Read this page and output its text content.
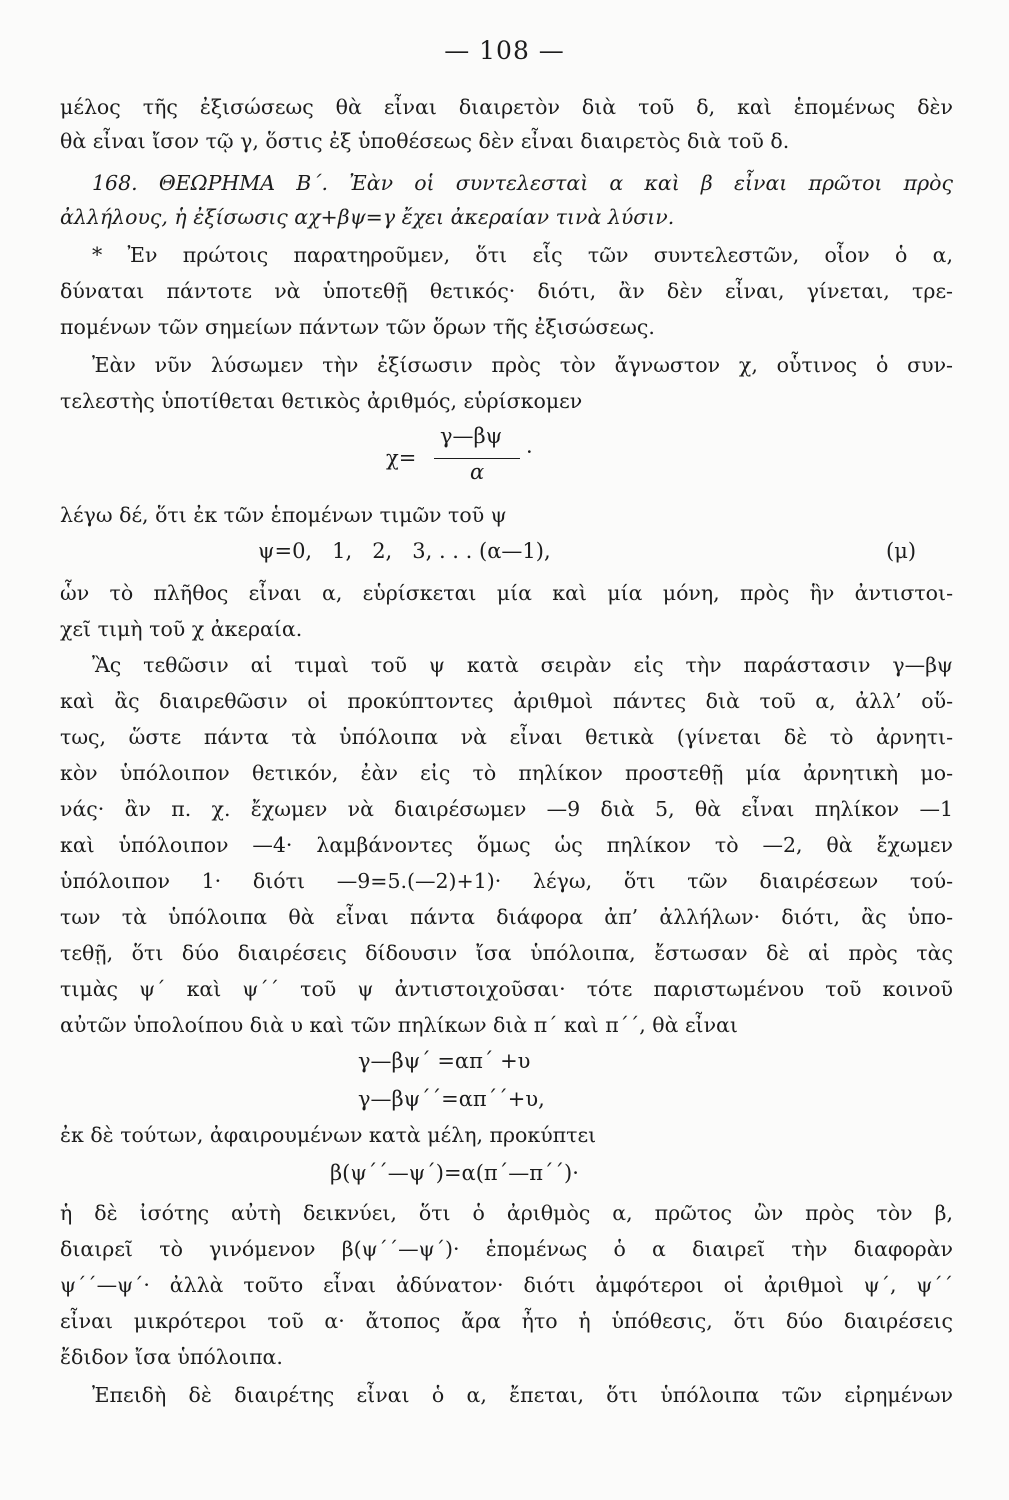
— 108 —
μέλος τῆς ἐξισώσεως θὰ εἶναι διαιρετὸν διὰ τοῦ δ, καὶ ἑπομένως δὲν
θὰ εἶναι ἴσον τῷ γ, ὅστις ἐξ ὑποθέσεως δὲν εἶναι διαιρετὸς διὰ τοῦ δ.
168. ΘΕΩΡΗΜΑ Β΄. Ἐὰν οἱ συντελεσταὶ α καὶ β εἶναι πρῶτοι πρὸς
ἀλλήλους, ἡ ἐξίσωσις αχ+βψ=γ ἔχει ἀκεραίαν τινὰ λύσιν.
* Ἐν πρώτοις παρατηροῦμεν, ὅτι εἷς τῶν συντελεστῶν, οἷον ὁ α,
δύναται πάντοτε νὰ ὑποτεθῇ θετικός· διότι, ἂν δὲν εἶναι, γίνεται, τρε-
πομένων τῶν σημείων πάντων τῶν ὅρων τῆς ἐξισώσεως.
Ἐὰν νῦν λύσωμεν τὴν ἐξίσωσιν πρὸς τὸν ἄγνωστον χ, οὗτινος ὁ συν-
τελεστὴς ὑποτίθεται θετικὸς ἀριθμός, εὑρίσκομεν
χ=
γ—βψ
α
·
λέγω δέ, ὅτι ἐκ τῶν ἑπομένων τιμῶν τοῦ ψ
ψ=0,   1,   2,   3, . . . (α—1),	(μ)
ὧν τὸ πλῆθος εἶναι α, εὑρίσκεται μία καὶ μία μόνη, πρὸς ἣν ἀντιστοι-
χεῖ τιμὴ τοῦ χ ἀκεραία.
Ἂς τεθῶσιν αἱ τιμαὶ τοῦ ψ κατὰ σειρὰν εἰς τὴν παράστασιν γ—βψ
καὶ ἂς διαιρεθῶσιν οἱ προκύπτοντες ἀριθμοὶ πάντες διὰ τοῦ α, ἀλλ’ οὕ-
τως, ὥστε πάντα τὰ ὑπόλοιπα νὰ εἶναι θετικὰ (γίνεται δὲ τὸ ἀρνητι-
κὸν ὑπόλοιπον θετικόν, ἐὰν εἰς τὸ πηλίκον προστεθῇ μία ἀρνητικὴ μο-
νάς· ἂν π. χ. ἔχωμεν νὰ διαιρέσωμεν —9 διὰ 5, θὰ εἶναι πηλίκον —1
καὶ ὑπόλοιπον —4· λαμβάνοντες ὅμως ὡς πηλίκον τὸ —2, θὰ ἔχωμεν
ὑπόλοιπον 1· διότι —9=5.(—2)+1)· λέγω, ὅτι τῶν διαιρέσεων τού-
των τὰ ὑπόλοιπα θὰ εἶναι πάντα διάφορα ἀπ’ ἀλλήλων· διότι, ἂς ὑπο-
τεθῇ, ὅτι δύο διαιρέσεις δίδουσιν ἴσα ὑπόλοιπα, ἔστωσαν δὲ αἱ πρὸς τὰς
τιμὰς ψ΄ καὶ ψ΄΄ τοῦ ψ ἀντιστοιχοῦσαι· τότε παριστωμένου τοῦ κοινοῦ
αὐτῶν ὑπολοίπου διὰ υ καὶ τῶν πηλίκων διὰ π΄ καὶ π΄΄, θὰ εἶναι
γ—βψ΄ =απ΄ +υ
γ—βψ΄΄=απ΄΄+υ,
ἐκ δὲ τούτων, ἀφαιρουμένων κατὰ μέλη, προκύπτει
β(ψ΄΄—ψ΄)=α(π΄—π΄΄)·
ἡ δὲ ἰσότης αὐτὴ δεικνύει, ὅτι ὁ ἀριθμὸς α, πρῶτος ὢν πρὸς τὸν β,
διαιρεῖ τὸ γινόμενον β(ψ΄΄—ψ΄)· ἑπομένως ὁ α διαιρεῖ τὴν διαφορὰν
ψ΄΄—ψ΄· ἀλλὰ τοῦτο εἶναι ἀδύνατον· διότι ἀμφότεροι οἱ ἀριθμοὶ ψ΄, ψ΄΄
εἶναι μικρότεροι τοῦ α· ἄτοπος ἄρα ἦτο ἡ ὑπόθεσις, ὅτι δύο διαιρέσεις
ἔδιδον ἴσα ὑπόλοιπα.
Ἐπειδὴ δὲ διαιρέτης εἶναι ὁ α, ἔπεται, ὅτι ὑπόλοιπα τῶν εἰρημένων
